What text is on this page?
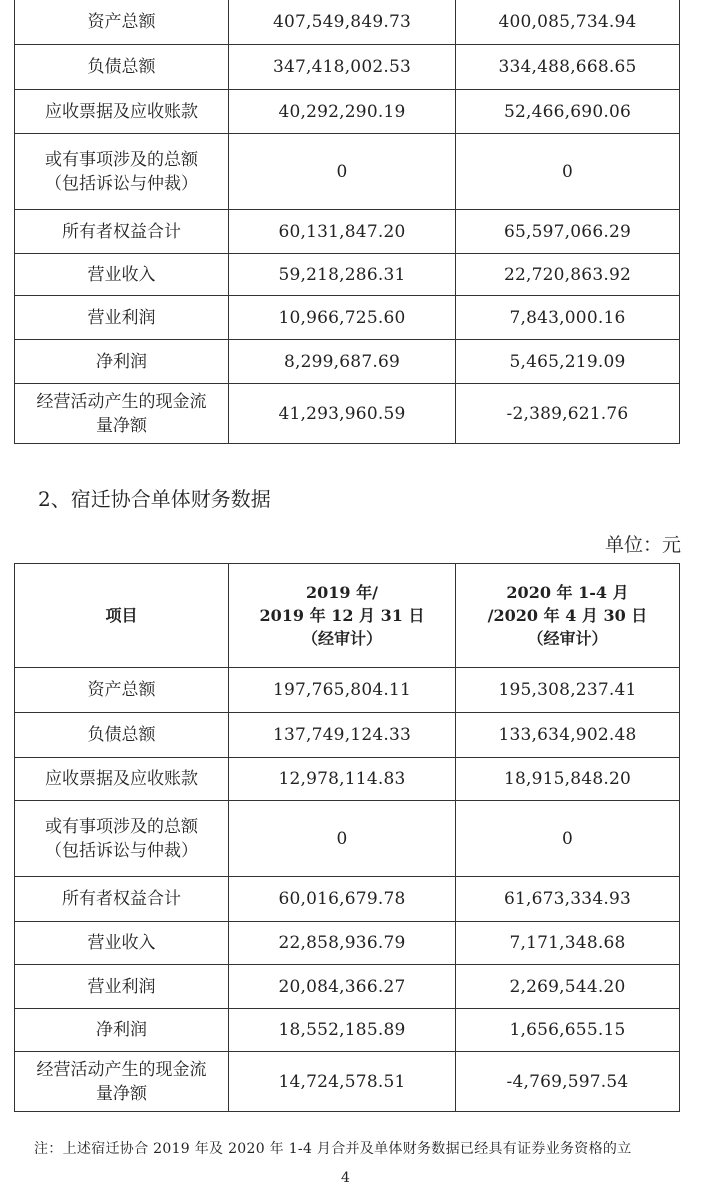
资产总额	407,549,849.73	400,085,734.94
负债总额	347,418,002.53	334,488,668.65
应收票据及应收账款	40,292,290.19	52,466,690.06
或有事项涉及的总额
（包括诉讼与仲裁）	0	0
所有者权益合计	60,131,847.20	65,597,066.29
营业收入	59,218,286.31	22,720,863.92
营业利润	10,966,725.60	7,843,000.16
净利润	8,299,687.69	5,465,219.09
经营活动产生的现金流
量净额	41,293,960.59	-2,389,621.76
2、宿迁协合单体财务数据
单位：元
项目	2019 年/
2019 年 12 月 31 日
（经审计）	2020 年 1-4 月
/2020 年 4 月 30 日
（经审计）
资产总额	197,765,804.11	195,308,237.41
负债总额	137,749,124.33	133,634,902.48
应收票据及应收账款	12,978,114.83	18,915,848.20
或有事项涉及的总额
（包括诉讼与仲裁）	0	0
所有者权益合计	60,016,679.78	61,673,334.93
营业收入	22,858,936.79	7,171,348.68
营业利润	20,084,366.27	2,269,544.20
净利润	18,552,185.89	1,656,655.15
经营活动产生的现金流
量净额	14,724,578.51	-4,769,597.54
注：上述宿迁协合 2019 年及 2020 年 1-4 月合并及单体财务数据已经具有证券业务资格的立
4
